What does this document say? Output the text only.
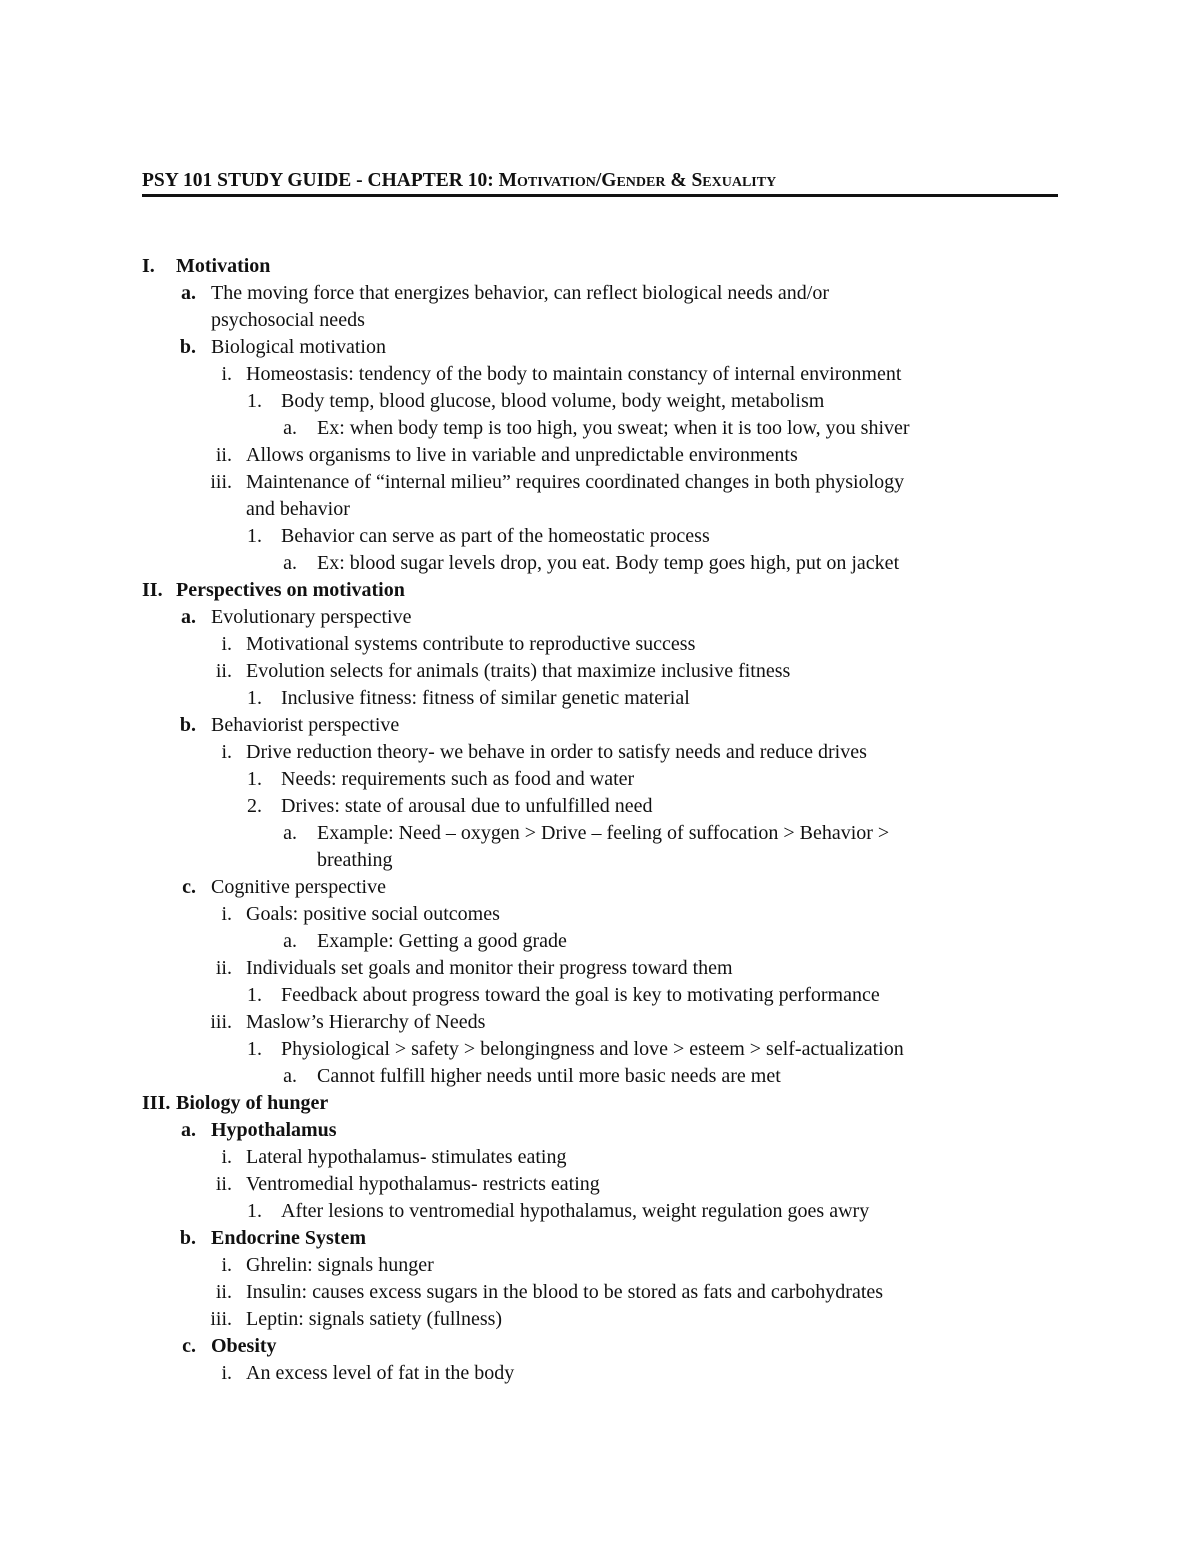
PSY 101 STUDY GUIDE - CHAPTER 10: Motivation/Gender & Sexuality
I. Motivation
a. The moving force that energizes behavior, can reflect biological needs and/or
psychosocial needs
b. Biological motivation
i. Homeostasis: tendency of the body to maintain constancy of internal environment
1. Body temp, blood glucose, blood volume, body weight, metabolism
a. Ex: when body temp is too high, you sweat; when it is too low, you shiver
ii. Allows organisms to live in variable and unpredictable environments
iii. Maintenance of “internal milieu” requires coordinated changes in both physiology
and behavior
1. Behavior can serve as part of the homeostatic process
a. Ex: blood sugar levels drop, you eat. Body temp goes high, put on jacket
II. Perspectives on motivation
a. Evolutionary perspective
i. Motivational systems contribute to reproductive success
ii. Evolution selects for animals (traits) that maximize inclusive fitness
1. Inclusive fitness: fitness of similar genetic material
b. Behaviorist perspective
i. Drive reduction theory- we behave in order to satisfy needs and reduce drives
1. Needs: requirements such as food and water
2. Drives: state of arousal due to unfulfilled need
a. Example: Need – oxygen > Drive – feeling of suffocation > Behavior >
breathing
c. Cognitive perspective
i. Goals: positive social outcomes
a. Example: Getting a good grade
ii. Individuals set goals and monitor their progress toward them
1. Feedback about progress toward the goal is key to motivating performance
iii. Maslow’s Hierarchy of Needs
1. Physiological > safety > belongingness and love > esteem > self-actualization
a. Cannot fulfill higher needs until more basic needs are met
III. Biology of hunger
a. Hypothalamus
i. Lateral hypothalamus- stimulates eating
ii. Ventromedial hypothalamus- restricts eating
1. After lesions to ventromedial hypothalamus, weight regulation goes awry
b. Endocrine System
i. Ghrelin: signals hunger
ii. Insulin: causes excess sugars in the blood to be stored as fats and carbohydrates
iii. Leptin: signals satiety (fullness)
c. Obesity
i. An excess level of fat in the body
